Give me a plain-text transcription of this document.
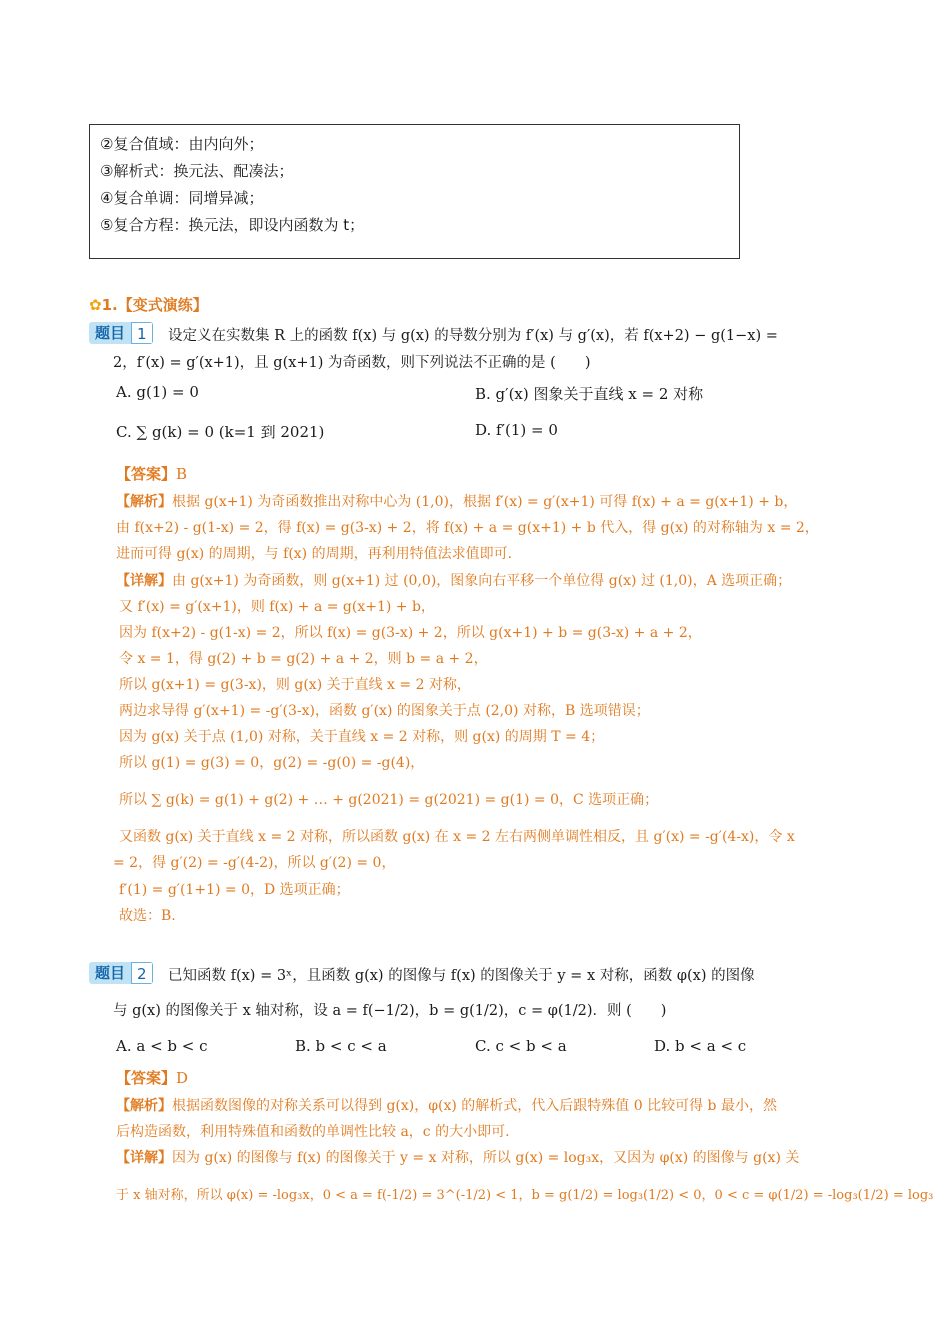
②复合值域：由内向外；
③解析式：换元法、配凑法；
④复合单调：同增异减；
⑤复合方程：换元法，即设内函数为 t；
✿1.【变式演练】
题目 1	设定义在实数集 R 上的函数 f(x) 与 g(x) 的导数分别为 f′(x) 与 g′(x)，若 f(x+2) − g(1−x) =
2，f′(x) = g′(x+1)，且 g(x+1) 为奇函数，则下列说法不正确的是 (　　)
A. g(1) = 0	B. g′(x) 图象关于直线 x = 2 对称
C. ∑ g(k) = 0 (k=1 到 2021)	D. f′(1) = 0
【答案】B
【解析】根据 g(x+1) 为奇函数推出对称中心为 (1,0)，根据 f′(x) = g′(x+1) 可得 f(x) + a = g(x+1) + b，
由 f(x+2) - g(1-x) = 2，得 f(x) = g(3-x) + 2，将 f(x) + a = g(x+1) + b 代入，得 g(x) 的对称轴为 x = 2，
进而可得 g(x) 的周期，与 f(x) 的周期，再利用特值法求值即可.
【详解】由 g(x+1) 为奇函数，则 g(x+1) 过 (0,0)，图象向右平移一个单位得 g(x) 过 (1,0)，A 选项正确；
又 f′(x) = g′(x+1)，则 f(x) + a = g(x+1) + b，
因为 f(x+2) - g(1-x) = 2，所以 f(x) = g(3-x) + 2，所以 g(x+1) + b = g(3-x) + a + 2，
令 x = 1，得 g(2) + b = g(2) + a + 2，则 b = a + 2，
所以 g(x+1) = g(3-x)，则 g(x) 关于直线 x = 2 对称，
两边求导得 g′(x+1) = -g′(3-x)，函数 g′(x) 的图象关于点 (2,0) 对称，B 选项错误；
因为 g(x) 关于点 (1,0) 对称，关于直线 x = 2 对称，则 g(x) 的周期 T = 4；
所以 g(1) = g(3) = 0，g(2) = -g(0) = -g(4)，
所以 ∑ g(k) = g(1) + g(2) + … + g(2021) = g(2021) = g(1) = 0，C 选项正确；
又函数 g(x) 关于直线 x = 2 对称，所以函数 g(x) 在 x = 2 左右两侧单调性相反，且 g′(x) = -g′(4-x)，令 x
= 2，得 g′(2) = -g′(4-2)，所以 g′(2) = 0，
f′(1) = g′(1+1) = 0，D 选项正确；
故选：B.
题目 2	已知函数 f(x) = 3ˣ，且函数 g(x) 的图像与 f(x) 的图像关于 y = x 对称，函数 φ(x) 的图像
与 g(x) 的图像关于 x 轴对称，设 a = f(−1/2)，b = g(1/2)，c = φ(1/2)．则 (　　)
A. a < b < c	B. b < c < a	C. c < b < a	D. b < a < c
【答案】D
【解析】根据函数图像的对称关系可以得到 g(x)，φ(x) 的解析式，代入后跟特殊值 0 比较可得 b 最小，然
后构造函数，利用特殊值和函数的单调性比较 a，c 的大小即可.
【详解】因为 g(x) 的图像与 f(x) 的图像关于 y = x 对称，所以 g(x) = log₃x，又因为 φ(x) 的图像与 g(x) 关
于 x 轴对称，所以 φ(x) = -log₃x，0 < a = f(-1/2) = 3^(-1/2) < 1，b = g(1/2) = log₃(1/2) < 0，0 < c = φ(1/2) = -log₃(1/2) = log₃
